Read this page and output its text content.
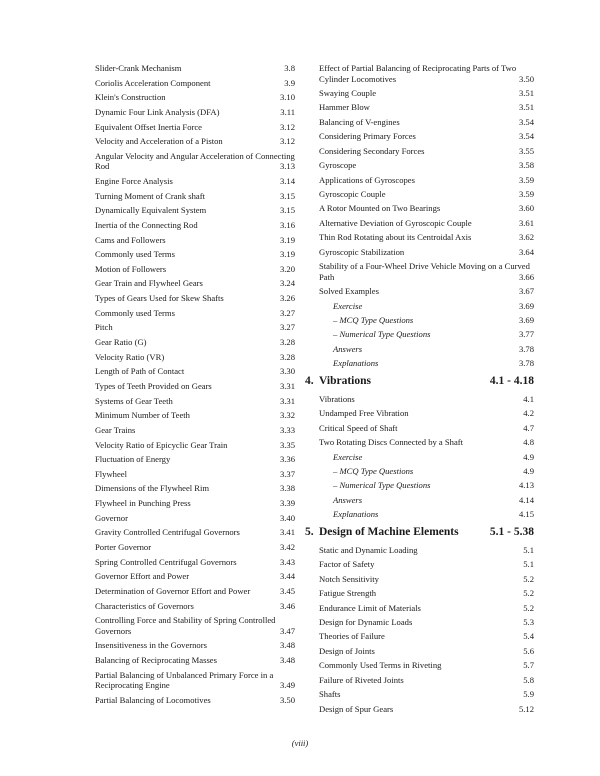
Slider-Crank Mechanism	3.8
Coriolis Acceleration Component	3.9
Klein's Construction	3.10
Dynamic Four Link Analysis (DFA)	3.11
Equivalent Offset Inertia Force	3.12
Velocity and Acceleration of a Piston	3.12
Angular Velocity and Angular Acceleration of Connecting Rod	3.13
Engine Force Analysis	3.14
Turning Moment of Crank shaft	3.15
Dynamically Equivalent System	3.15
Inertia of the Connecting Rod	3.16
Cams and Followers	3.19
Commonly used Terms	3.19
Motion of Followers	3.20
Gear Train and Flywheel Gears	3.24
Types of Gears Used for Skew Shafts	3.26
Commonly used Terms	3.27
Pitch	3.27
Gear Ratio (G)	3.28
Velocity Ratio (VR)	3.28
Length of Path of Contact	3.30
Types of Teeth Provided on Gears	3.31
Systems of Gear Teeth	3.31
Minimum Number of Teeth	3.32
Gear Trains	3.33
Velocity Ratio of Epicyclic Gear Train	3.35
Fluctuation of Energy	3.36
Flywheel	3.37
Dimensions of the Flywheel Rim	3.38
Flywheel in Punching Press	3.39
Governor	3.40
Gravity Controlled Centrifugal Governors	3.41
Porter Governor	3.42
Spring Controlled Centrifugal Governors	3.43
Governor Effort and Power	3.44
Determination of Governor Effort and Power	3.45
Characteristics of Governors	3.46
Controlling Force and Stability of Spring Controlled Governors	3.47
Insensitiveness in the Governors	3.48
Balancing of Reciprocating Masses	3.48
Partial Balancing of Unbalanced Primary Force in a Reciprocating Engine	3.49
Partial Balancing of Locomotives	3.50
Effect of Partial Balancing of Reciprocating Parts of Two Cylinder Locomotives	3.50
Swaying Couple	3.51
Hammer Blow	3.51
Balancing of V-engines	3.54
Considering Primary Forces	3.54
Considering Secondary Forces	3.55
Gyroscope	3.58
Applications of Gyroscopes	3.59
Gyroscopic Couple	3.59
A Rotor Mounted on Two Bearings	3.60
Alternative Deviation of Gyroscopic Couple	3.61
Thin Rod Rotating about its Centroidal Axis	3.62
Gyroscopic Stabilization	3.64
Stability of a Four-Wheel Drive Vehicle Moving on a Curved Path	3.66
Solved Examples	3.67
Exercise	3.69
– MCQ Type Questions	3.69
– Numerical Type Questions	3.77
Answers	3.78
Explanations	3.78
4. Vibrations	4.1 - 4.18
Vibrations	4.1
Undamped Free Vibration	4.2
Critical Speed of Shaft	4.7
Two Rotating Discs Connected by a Shaft	4.8
Exercise	4.9
– MCQ Type Questions	4.9
– Numerical Type Questions	4.13
Answers	4.14
Explanations	4.15
5. Design of Machine Elements	5.1 - 5.38
Static and Dynamic Loading	5.1
Factor of Safety	5.1
Notch Sensitivity	5.2
Fatigue Strength	5.2
Endurance Limit of Materials	5.2
Design for Dynamic Loads	5.3
Theories of Failure	5.4
Design of Joints	5.6
Commonly Used Terms in Riveting	5.7
Failure of Riveted Joints	5.8
Shafts	5.9
Design of Spur Gears	5.12
(viii)
